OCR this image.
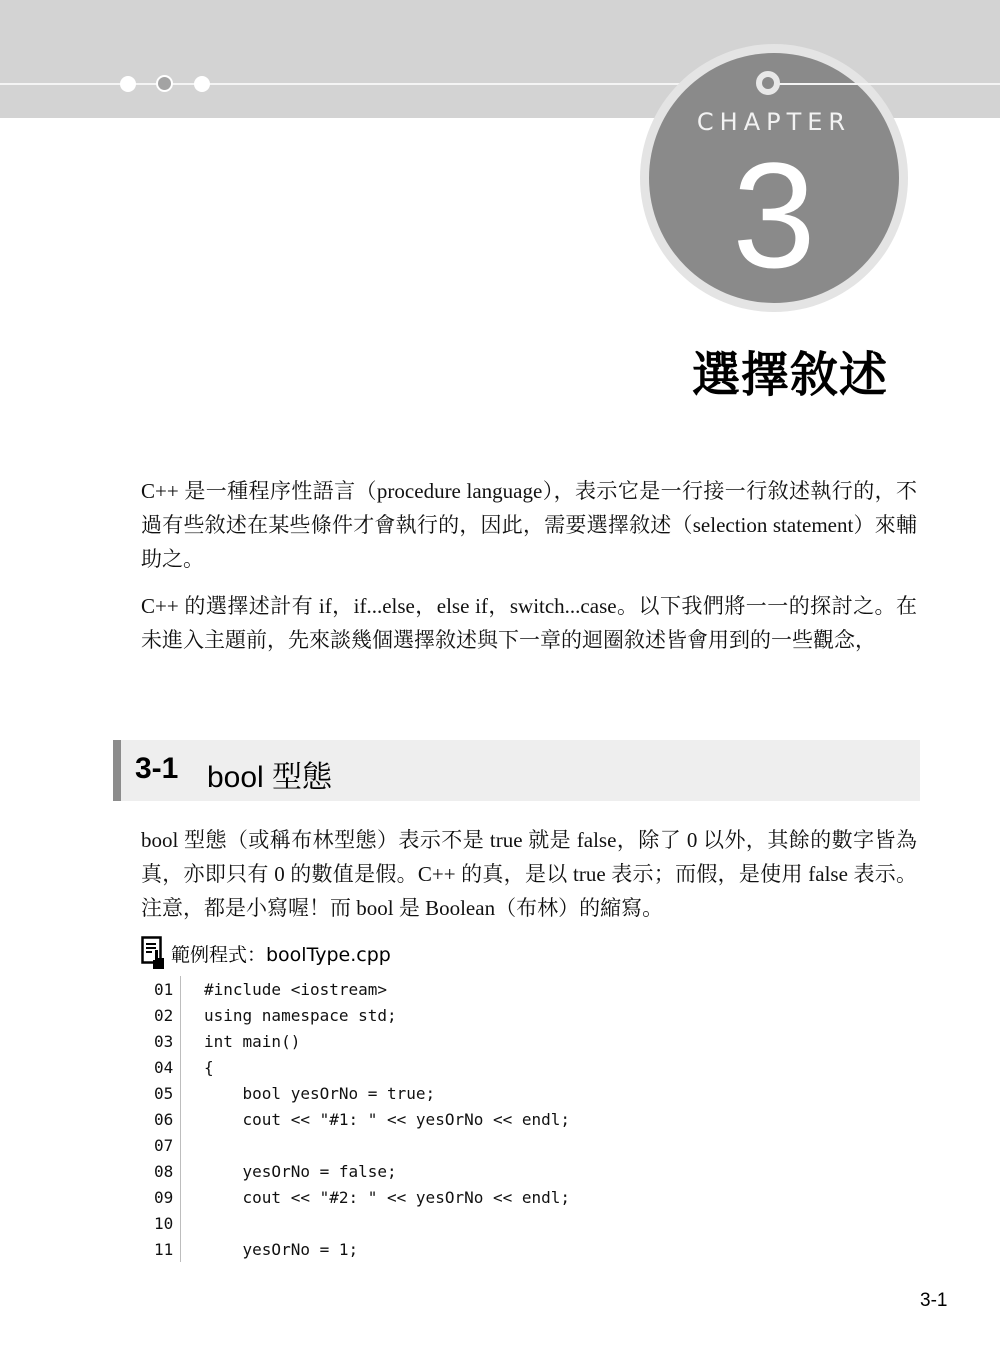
CHAPTER
3
選擇敘述

C++ 是一種程序性語言（procedure language），表示它是一行接一行敘述執行的，不過有些敘述在某些條件才會執行的，因此，需要選擇敘述（selection statement）來輔助之。

C++ 的選擇述計有 if，if...else，else if，switch...case。以下我們將一一的探討之。在未進入主題前，先來談幾個選擇敘述與下一章的迴圈敘述皆會用到的一些觀念，

3-1 bool 型態

bool 型態（或稱布林型態）表示不是 true 就是 false，除了 0 以外，其餘的數字皆為真，亦即只有 0 的數值是假。C++ 的真，是以 true 表示；而假，是使用 false 表示。注意，都是小寫喔！而 bool 是 Boolean（布林）的縮寫。

範例程式：boolType.cpp
01	#include <iostream>
02	using namespace std;
03	int main()
04	{
05	bool yesOrNo = true;
06	cout << "#1: " << yesOrNo << endl;
07
08	yesOrNo = false;
09	cout << "#2: " << yesOrNo << endl;
10
11	yesOrNo = 1;
3-1
